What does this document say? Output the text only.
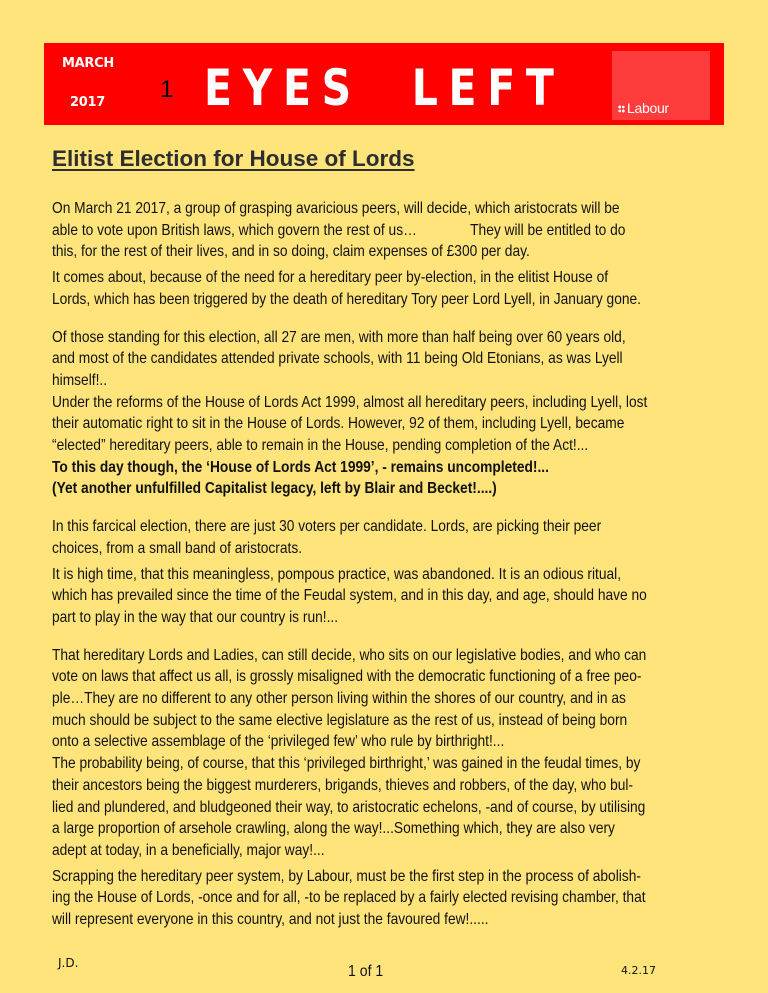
MARCH
2017 1 EYES  LEFT	Labour
Elitist Election for House of Lords

On March 21 2017, a group of grasping avaricious peers, will decide, which aristocrats will be
able to vote upon British laws, which govern the rest of us…	They will be entitled to do
this, for the rest of their lives, and in so doing, claim expenses of £300 per day.

It comes about, because of the need for a hereditary peer by-election, in the elitist House of
Lords, which has been triggered by the death of hereditary Tory peer Lord Lyell, in January gone.

Of those standing for this election, all 27 are men, with more than half being over 60 years old,
and most of the candidates attended private schools, with 11 being Old Etonians, as was Lyell
himself!..
Under the reforms of the House of Lords Act 1999, almost all hereditary peers, including Lyell, lost
their automatic right to sit in the House of Lords. However, 92 of them, including Lyell, became
“elected” hereditary peers, able to remain in the House, pending completion of the Act!...
To this day though, the ‘House of Lords Act 1999’, - remains uncompleted!...
(Yet another unfulfilled Capitalist legacy, left by Blair and Becket!....)

In this farcical election, there are just 30 voters per candidate. Lords, are picking their peer
choices, from a small band of aristocrats.

It is high time, that this meaningless, pompous practice, was abandoned. It is an odious ritual,
which has prevailed since the time of the Feudal system, and in this day, and age, should have no
part to play in the way that our country is run!...

That hereditary Lords and Ladies, can still decide, who sits on our legislative bodies, and who can
vote on laws that affect us all, is grossly misaligned with the democratic functioning of a free peo-
ple…They are no different to any other person living within the shores of our country, and in as
much should be subject to the same elective legislature as the rest of us, instead of being born
onto a selective assemblage of the ‘privileged few’ who rule by birthright!...
The probability being, of course, that this ‘privileged birthright,’ was gained in the feudal times, by
their ancestors being the biggest murderers, brigands, thieves and robbers, of the day, who bul-
lied and plundered, and bludgeoned their way, to aristocratic echelons, -and of course, by utilising
a large proportion of arsehole crawling, along the way!...Something which, they are also very
adept at today, in a beneficially, major way!...

Scrapping the hereditary peer system, by Labour, must be the first step in the process of abolish-
ing the House of Lords, -once and for all, -to be replaced by a fairly elected revising chamber, that
will represent everyone in this country, and not just the favoured few!.....

J.D.	1 of 1	4.2.17
